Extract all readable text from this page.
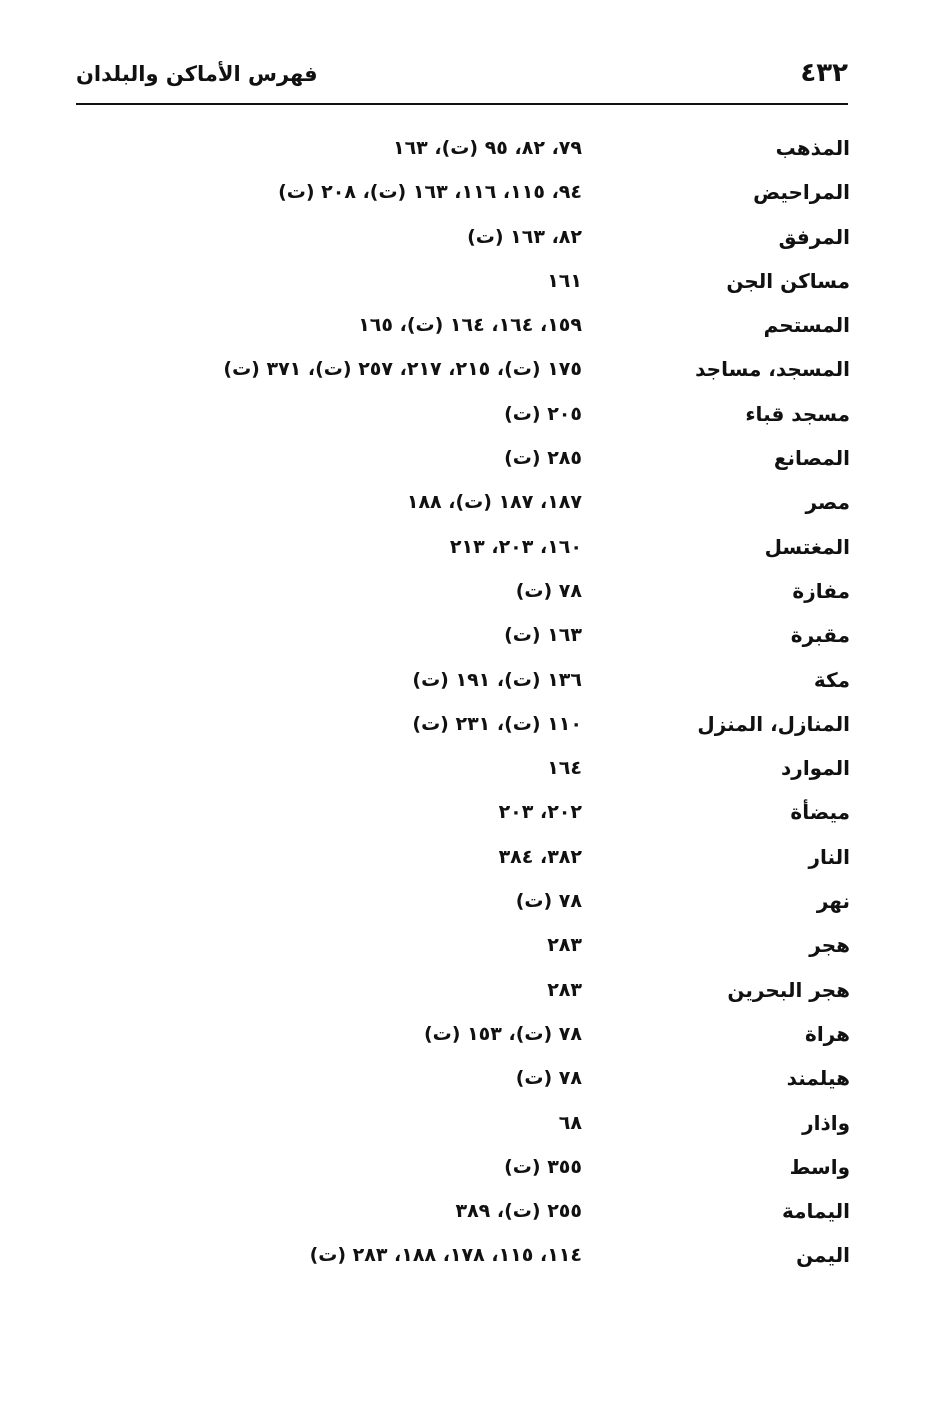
٤٣٢
فهرس الأماكن والبلدان
المذهب
٧٩، ٨٢، ٩٥ (ت)، ١٦٣
المراحيض
٩٤، ١١٥، ١١٦، ١٦٣ (ت)، ٢٠٨ (ت)
المرفق
٨٢، ١٦٣ (ت)
مساكن الجن
١٦١
المستحم
١٥٩، ١٦٤، ١٦٤ (ت)، ١٦٥
المسجد، مساجد
١٧٥ (ت)، ٢١٥، ٢١٧، ٢٥٧ (ت)، ٣٧١ (ت)
مسجد قباء
٢٠٥ (ت)
المصانع
٢٨٥ (ت)
مصر
١٨٧، ١٨٧ (ت)، ١٨٨
المغتسل
١٦٠، ٢٠٣، ٢١٣
مفازة
٧٨ (ت)
مقبرة
١٦٣ (ت)
مكة
١٣٦ (ت)، ١٩١ (ت)
المنازل، المنزل
١١٠ (ت)، ٢٣١ (ت)
الموارد
١٦٤
ميضأة
٢٠٢، ٢٠٣
النار
٣٨٢، ٣٨٤
نهر
٧٨ (ت)
هجر
٢٨٣
هجر البحرين
٢٨٣
هراة
٧٨ (ت)، ١٥٣ (ت)
هيلمند
٧٨ (ت)
واذار
٦٨
واسط
٣٥٥ (ت)
اليمامة
٢٥٥ (ت)، ٣٨٩
اليمن
١١٤، ١١٥، ١٧٨، ١٨٨، ٢٨٣ (ت)
